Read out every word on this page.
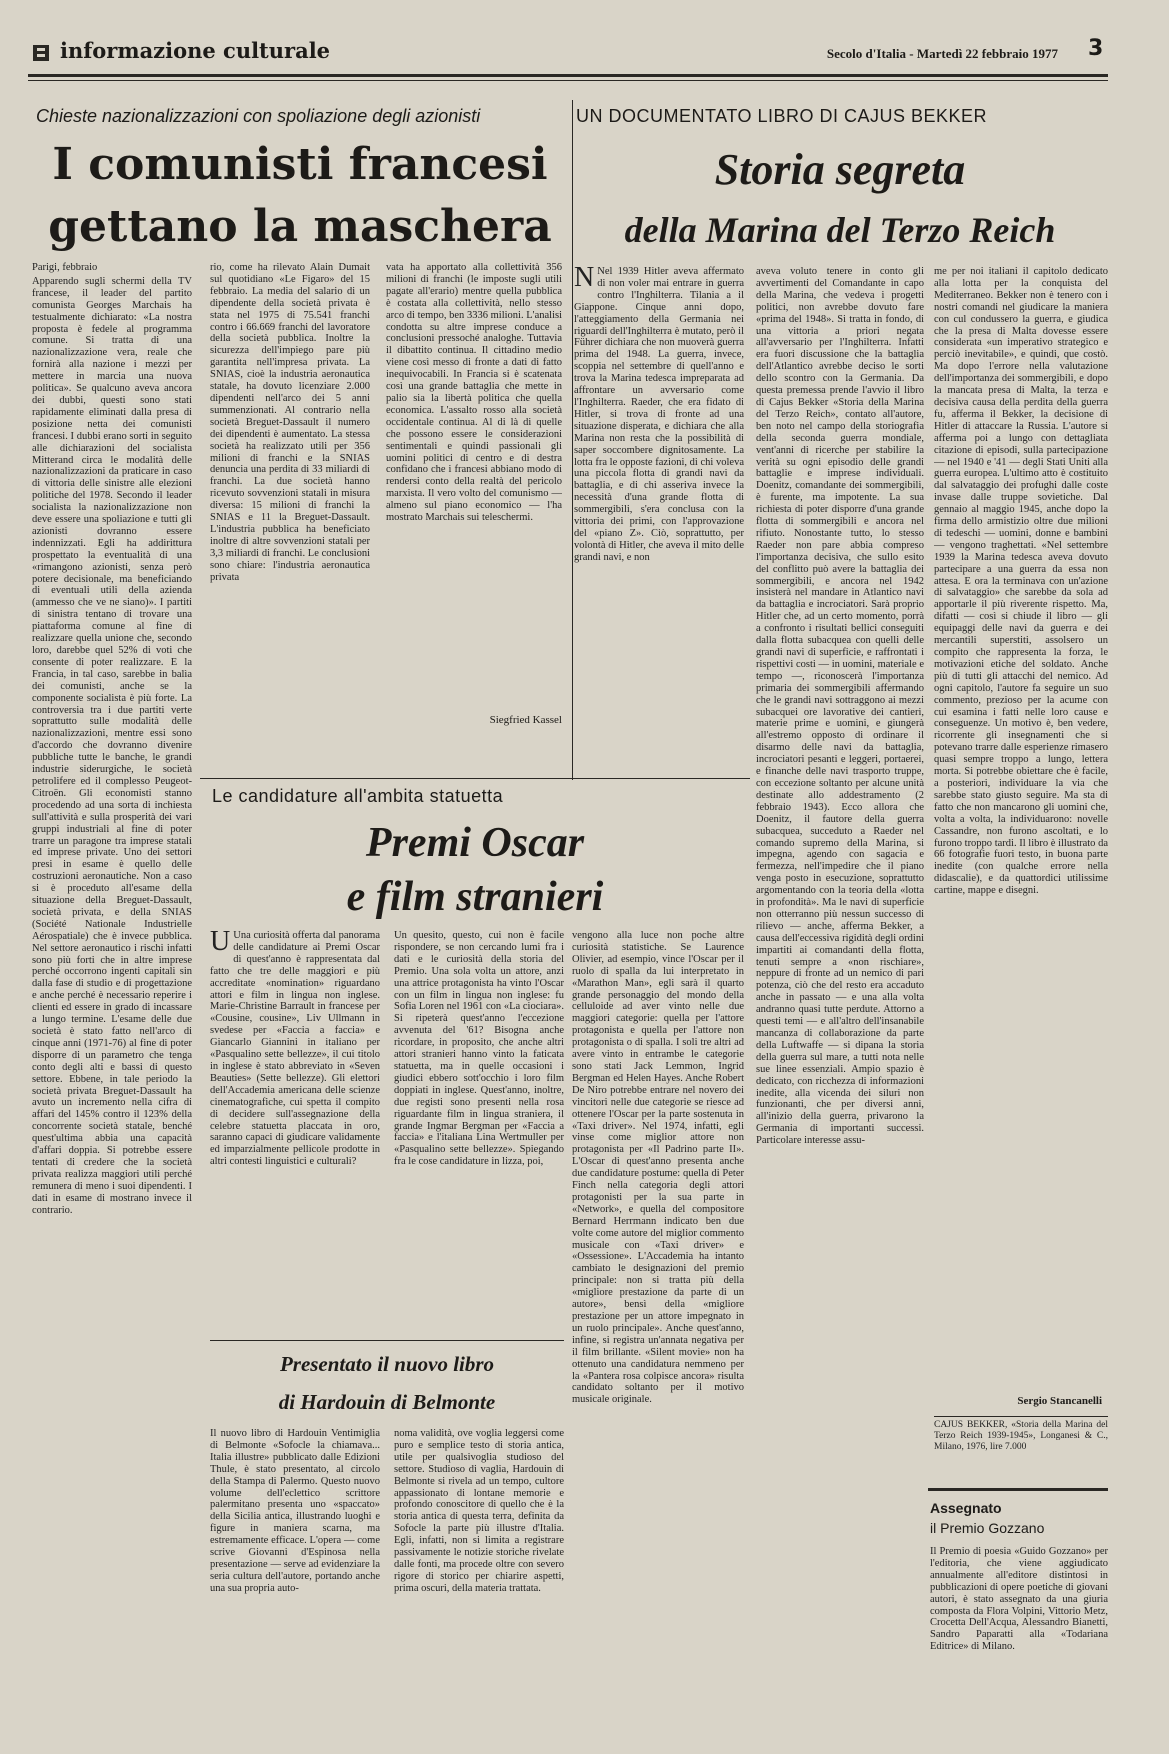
informazione culturale	Secolo d'Italia - Martedì 22 febbraio 1977 3
Chieste nazionalizzazioni con spoliazione degli azionisti
I comunisti francesi
gettano la maschera

Parigi, febbraio

Apparendo sugli schermi della TV francese, il leader del partito comunista Georges Marchais ha testualmente dichiarato: «La nostra proposta è fedele al programma comune. Si tratta di una nazionalizzazione vera, reale che fornirà alla nazione i mezzi per mettere in marcia una nuova politica». Se qualcuno aveva ancora dei dubbi, questi sono stati rapidamente eliminati dalla presa di posizione netta dei comunisti francesi. I dubbi erano sorti in seguito alle dichiarazioni del socialista Mitterand circa le modalità delle nazionalizzazioni da praticare in caso di vittoria delle sinistre alle elezioni politiche del 1978. Secondo il leader socialista la nazionalizzazione non deve essere una spoliazione e tutti gli azionisti dovranno essere indennizzati. Egli ha addirittura prospettato la eventualità di una «rimangono azionisti, senza però potere decisionale, ma beneficiando di eventuali utili della azienda (ammesso che ve ne siano)». I partiti di sinistra tentano di trovare una piattaforma comune al fine di realizzare quella unione che, secondo loro, darebbe quel 52% di voti che consente di poter realizzare. E la Francia, in tal caso, sarebbe in balìa dei comunisti, anche se la componente socialista è più forte. La controversia tra i due partiti verte soprattutto sulle modalità delle nazionalizzazioni, mentre essi sono d'accordo che dovranno divenire pubbliche tutte le banche, le grandi industrie siderurgiche, le società petrolifere ed il complesso Peugeot-Citroën. Gli economisti stanno procedendo ad una sorta di inchiesta sull'attività e sulla prosperità dei vari gruppi industriali al fine di poter trarre un paragone tra imprese statali ed imprese private. Uno dei settori presi in esame è quello delle costruzioni aeronautiche. Non a caso si è proceduto all'esame della situazione della Breguet-Dassault, società privata, e della SNIAS (Société Nationale Industrielle Aérospatiale) che è invece pubblica. Nel settore aeronautico i rischi infatti sono più forti che in altre imprese perché occorrono ingenti capitali sin dalla fase di studio e di progettazione e anche perché è necessario reperire i clienti ed essere in grado di incassare a lungo termine. L'esame delle due società è stato fatto nell'arco di cinque anni (1971-76) al fine di poter disporre di un parametro che tenga conto degli alti e bassi di questo settore. Ebbene, in tale periodo la società privata Breguet-Dassault ha avuto un incremento nella cifra di affari del 145% contro il 123% della concorrente società statale, benché quest'ultima abbia una capacità d'affari doppia. Si potrebbe essere tentati di credere che la società privata realizza maggiori utili perché remunera di meno i suoi dipendenti. I dati in esame di mostrano invece il contrario.

rio, come ha rilevato Alain Dumait sul quotidiano «Le Figaro» del 15 febbraio. La media del salario di un dipendente della società privata è stata nel 1975 di 75.541 franchi contro i 66.669 franchi del lavoratore della società pubblica. Inoltre la sicurezza dell'impiego pare più garantita nell'impresa privata. La SNIAS, cioè la industria aeronautica statale, ha dovuto licenziare 2.000 dipendenti nell'arco dei 5 anni summenzionati. Al contrario nella società Breguet-Dassault il numero dei dipendenti è aumentato. La stessa società ha realizzato utili per 356 milioni di franchi e la SNIAS denuncia una perdita di 33 miliardi di franchi. La due società hanno ricevuto sovvenzioni statali in misura diversa: 15 milioni di franchi la SNIAS e 11 la Breguet-Dassault. L'industria pubblica ha beneficiato inoltre di altre sovvenzioni statali per 3,3 miliardi di franchi. Le conclusioni sono chiare: l'industria aeronautica privata

vata ha apportato alla collettività 356 milioni di franchi (le imposte sugli utili pagate all'erario) mentre quella pubblica è costata alla collettività, nello stesso arco di tempo, ben 3336 milioni. L'analisi condotta su altre imprese conduce a conclusioni pressoché analoghe. Tuttavia il dibattito continua. Il cittadino medio viene così messo di fronte a dati di fatto inequivocabili. In Francia si è scatenata così una grande battaglia che mette in palio sia la libertà politica che quella economica. L'assalto rosso alla società occidentale continua. Al di là di quelle che possono essere le considerazioni sentimentali e quindi passionali gli uomini politici di centro e di destra confidano che i francesi abbiano modo di rendersi conto della realtà del pericolo marxista. Il vero volto del comunismo — almeno sul piano economico — l'ha mostrato Marchais sui teleschermi.

Siegfried Kassel
UN DOCUMENTATO LIBRO DI CAJUS BEKKER
Storia segreta
della Marina del Terzo Reich

N Nel 1939 Hitler aveva affermato di non voler mai entrare in guerra contro l'Inghilterra. Tilania a il Giappone. Cinque anni dopo, l'atteggiamento della Germania nei riguardi dell'Inghilterra è mutato, però il Führer dichiara che non muoverà guerra prima del 1948. La guerra, invece, scoppia nel settembre di quell'anno e trova la Marina tedesca impreparata ad affrontare un avversario come l'Inghilterra. Raeder, che era fidato di Hitler, si trova di fronte ad una situazione disperata, e dichiara che alla Marina non resta che la possibilità di saper soccombere dignitosamente. La lotta fra le opposte fazioni, di chi voleva una piccola flotta di grandi navi da battaglia, e di chi asseriva invece la necessità d'una grande flotta di sommergibili, s'era conclusa con la vittoria dei primi, con l'approvazione del «piano Z». Ciò, soprattutto, per volontà di Hitler, che aveva il mito delle grandi navi, e non

aveva voluto tenere in conto gli avvertimenti del Comandante in capo della Marina, che vedeva i progetti politici, non avrebbe dovuto fare «prima del 1948». Si tratta in fondo, di una vittoria a priori negata all'avversario per l'Inghilterra. Infatti era fuori discussione che la battaglia dell'Atlantico avrebbe deciso le sorti dello scontro con la Germania. Da questa premessa prende l'avvio il libro di Cajus Bekker «Storia della Marina del Terzo Reich», contato all'autore, ben noto nel campo della storiografia della seconda guerra mondiale, vent'anni di ricerche per stabilire la verità su ogni episodio delle grandi battaglie e imprese individuali. Doenitz, comandante dei sommergibili, è furente, ma impotente. La sua richiesta di poter disporre d'una grande flotta di sommergibili e ancora nel rifiuto. Nonostante tutto, lo stesso Raeder non pare abbia compreso l'importanza decisiva, che sullo esito del conflitto può avere la battaglia dei sommergibili, e ancora nel 1942 insisterà nel mandare in Atlantico navi da battaglia e incrociatori. Sarà proprio Hitler che, ad un certo momento, porrà a confronto i risultati bellici conseguiti dalla flotta subacquea con quelli delle grandi navi di superficie, e raffrontati i rispettivi costi — in uomini, materiale e tempo —, riconoscerà l'importanza primaria dei sommergibili affermando che le grandi navi sottraggono ai mezzi subacquei ore lavorative dei cantieri, materie prime e uomini, e giungerà all'estremo opposto di ordinare il disarmo delle navi da battaglia, incrociatori pesanti e leggeri, portaerei, e finanche delle navi trasporto truppe, con eccezione soltanto per alcune unità destinate allo addestramento (2 febbraio 1943). Ecco allora che Doenitz, il fautore della guerra subacquea, succeduto a Raeder nel comando supremo della Marina, si impegna, agendo con sagacia e fermezza, nell'impedire che il piano venga posto in esecuzione, soprattutto argomentando con la teoria della «lotta in profondità». Ma le navi di superficie non otterranno più nessun successo di rilievo — anche, afferma Bekker, a causa dell'eccessiva rigidità degli ordini impartiti ai comandanti della flotta, tenuti sempre a «non rischiare», neppure di fronte ad un nemico di pari potenza, ciò che del resto era accaduto anche in passato — e una alla volta andranno quasi tutte perdute. Attorno a questi temi — e all'altro dell'insanabile mancanza di collaborazione da parte della Luftwaffe — si dipana la storia della guerra sul mare, a tutti nota nelle sue linee essenziali. Ampio spazio è dedicato, con ricchezza di informazioni inedite, alla vicenda dei siluri non funzionanti, che per diversi anni, all'inizio della guerra, privarono la Germania di importanti successi. Particolare interesse assu-

me per noi italiani il capitolo dedicato alla lotta per la conquista del Mediterraneo. Bekker non è tenero con i nostri comandi nel giudicare la maniera con cul condussero la guerra, e giudica che la presa di Malta dovesse essere considerata «un imperativo strategico e perciò inevitabile», e quindi, que costò. Ma dopo l'errore nella valutazione dell'importanza dei sommergibili, e dopo la mancata presa di Malta, la terza e decisiva causa della perdita della guerra fu, afferma il Bekker, la decisione di Hitler di attaccare la Russia. L'autore si afferma poi a lungo con dettagliata citazione di episodi, sulla partecipazione — nel 1940 e '41 — degli Stati Uniti alla guerra europea. L'ultimo atto è costituito dal salvataggio dei profughi dalle coste invase dalle truppe sovietiche. Dal gennaio al maggio 1945, anche dopo la firma dello armistizio oltre due milioni di tedeschi — uomini, donne e bambini — vengono traghettati. «Nel settembre 1939 la Marina tedesca aveva dovuto partecipare a una guerra da essa non attesa. E ora la terminava con un'azione di salvataggio» che sarebbe da sola ad apportarle il più riverente rispetto. Ma, difatti — così si chiude il libro — gli equipaggi delle navi da guerra e dei mercantili superstiti, assolsero un compito che rappresenta la forza, le motivazioni etiche del soldato. Anche più di tutti gli attacchi del nemico. Ad ogni capitolo, l'autore fa seguire un suo commento, prezioso per la acume con cui esamina i fatti nelle loro cause e conseguenze. Un motivo è, ben vedere, ricorrente gli insegnamenti che si potevano trarre dalle esperienze rimasero quasi sempre troppo a lungo, lettera morta. Si potrebbe obiettare che è facile, a posteriori, individuare la via che sarebbe stato giusto seguire. Ma sta di fatto che non mancarono gli uomini che, volta a volta, la individuarono: novelle Cassandre, non furono ascoltati, e lo furono troppo tardi. Il libro è illustrato da 66 fotografie fuori testo, in buona parte inedite (con qualche errore nella didascalie), e da quattordici utilissime cartine, mappe e disegni.

Sergio Stancanelli

CAJUS BEKKER, «Storia della Marina del Terzo Reich 1939-1945», Longanesi & C., Milano, 1976, lire 7.000

Le candidature all'ambita statuetta
Premi Oscar
e film stranieri

U Una curiosità offerta dal panorama delle candidature ai Premi Oscar di quest'anno è rappresentata dal fatto che tre delle maggiori e più accreditate «nomination» riguardano attori e film in lingua non inglese. Marie-Christine Barrault in francese per «Cousine, cousine», Liv Ullmann in svedese per «Faccia a faccia» e Giancarlo Giannini in italiano per «Pasqualino sette bellezze», il cui titolo in inglese è stato abbreviato in «Seven Beauties» (Sette bellezze). Gli elettori dell'Accademia americana delle scienze cinematografiche, cui spetta il compito di decidere sull'assegnazione della celebre statuetta placcata in oro, saranno capaci di giudicare validamente ed imparzialmente pellicole prodotte in altri contesti linguistici e culturali?

Un quesito, questo, cui non è facile rispondere, se non cercando lumi fra i dati e le curiosità della storia del Premio. Una sola volta un attore, anzi una attrice protagonista ha vinto l'Oscar con un film in lingua non inglese: fu Sofia Loren nel 1961 con «La ciociara». Si ripeterà quest'anno l'eccezione avvenuta del '61? Bisogna anche ricordare, in proposito, che anche altri attori stranieri hanno vinto la faticata statuetta, ma in quelle occasioni i giudici ebbero sott'occhio i loro film doppiati in inglese. Quest'anno, inoltre, due registi sono presenti nella rosa riguardante film in lingua straniera, il grande Ingmar Bergman per «Faccia a faccia» e l'italiana Lina Wertmuller per «Pasqualino sette bellezze». Spiegando fra le cose candidature in lizza, poi,

vengono alla luce non poche altre curiosità statistiche. Se Laurence Olivier, ad esempio, vince l'Oscar per il ruolo di spalla da lui interpretato in «Marathon Man», egli sarà il quarto grande personaggio del mondo della celluloide ad aver vinto nelle due maggiori categorie: quella per l'attore protagonista e quella per l'attore non protagonista o di spalla. I soli tre altri ad avere vinto in entrambe le categorie sono stati Jack Lemmon, Ingrid Bergman ed Helen Hayes. Anche Robert De Niro potrebbe entrare nel novero dei vincitori nelle due categorie se riesce ad ottenere l'Oscar per la parte sostenuta in «Taxi driver». Nel 1974, infatti, egli vinse come miglior attore non protagonista per «Il Padrino parte II». L'Oscar di quest'anno presenta anche due candidature postume: quella di Peter Finch nella categoria degli attori protagonisti per la sua parte in «Network», e quella del compositore Bernard Herrmann indicato ben due volte come autore del miglior commento musicale con «Taxi driver» e «Ossessione». L'Accademia ha intanto cambiato le designazioni del premio principale: non si tratta più della «migliore prestazione da parte di un autore», bensì della «migliore prestazione per un attore impegnato in un ruolo principale». Anche quest'anno, infine, si registra un'annata negativa per il film brillante. «Silent movie» non ha ottenuto una candidatura nemmeno per la «Pantera rosa colpisce ancora» risulta candidato soltanto per il motivo musicale originale.

Presentato il nuovo libro
di Hardouin di Belmonte

Il nuovo libro di Hardouin Ventimiglia di Belmonte «Sofocle la chiamava... Italia illustre» pubblicato dalle Edizioni Thule, è stato presentato, al circolo della Stampa di Palermo. Questo nuovo volume dell'eclettico scrittore palermitano presenta uno «spaccato» della Sicilia antica, illustrando luoghi e figure in maniera scarna, ma estremamente efficace. L'opera — come scrive Giovanni d'Espinosa nella presentazione — serve ad evidenziare la seria cultura dell'autore, portando anche una sua propria auto-

noma validità, ove voglia leggersi come puro e semplice testo di storia antica, utile per qualsivoglia studioso del settore. Studioso di vaglia, Hardouin di Belmonte si rivela ad un tempo, cultore appassionato di lontane memorie e profondo conoscitore di quello che è la storia antica di questa terra, definita da Sofocle la parte più illustre d'Italia. Egli, infatti, non si limita a registrare passivamente le notizie storiche rivelate dalle fonti, ma procede oltre con severo rigore di storico per chiarire aspetti, prima oscuri, della materia trattata.

Assegnato
il Premio Gozzano

Il Premio di poesia «Guido Gozzano» per l'editoria, che viene aggiudicato annualmente all'editore distintosi in pubblicazioni di opere poetiche di giovani autori, è stato assegnato da una giuria composta da Flora Volpini, Vittorio Metz, Crocetta Dell'Acqua, Alessandro Bianetti, Sandro Paparatti alla «Todariana Editrice» di Milano.
